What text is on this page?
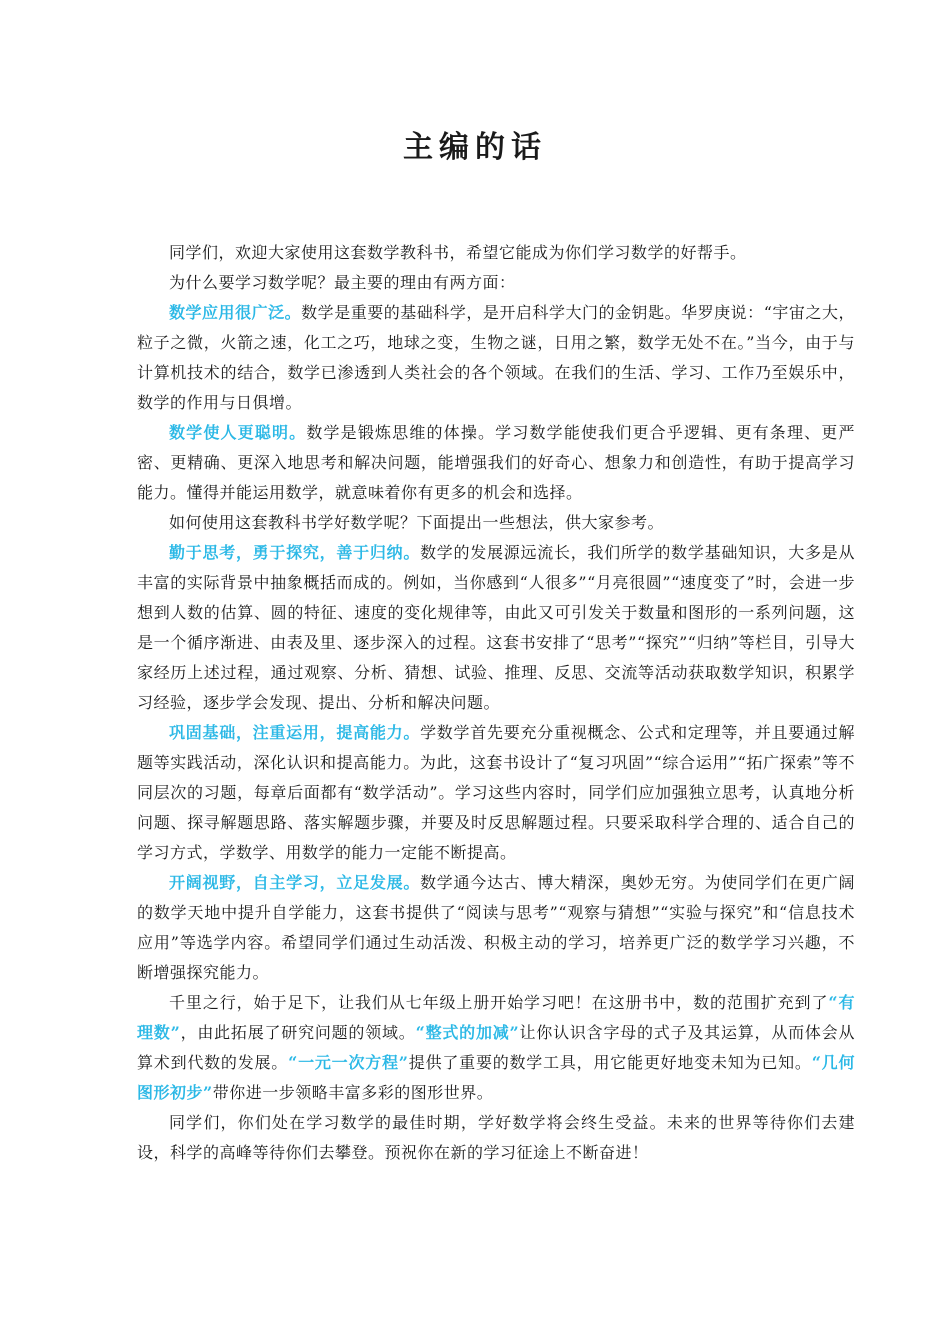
主编的话

同学们，欢迎大家使用这套数学教科书，希望它能成为你们学习数学的好帮手。

为什么要学习数学呢？最主要的理由有两方面：

数学应用很广泛。数学是重要的基础科学，是开启科学大门的金钥匙。华罗庚说：“宇宙之大，粒子之微，火箭之速，化工之巧，地球之变，生物之谜，日用之繁，数学无处不在。”当今，由于与计算机技术的结合，数学已渗透到人类社会的各个领域。在我们的生活、学习、工作乃至娱乐中，数学的作用与日俱增。

数学使人更聪明。数学是锻炼思维的体操。学习数学能使我们更合乎逻辑、更有条理、更严密、更精确、更深入地思考和解决问题，能增强我们的好奇心、想象力和创造性，有助于提高学习能力。懂得并能运用数学，就意味着你有更多的机会和选择。

如何使用这套教科书学好数学呢？下面提出一些想法，供大家参考。

勤于思考，勇于探究，善于归纳。数学的发展源远流长，我们所学的数学基础知识，大多是从丰富的实际背景中抽象概括而成的。例如，当你感到“人很多”“月亮很圆”“速度变了”时，会进一步想到人数的估算、圆的特征、速度的变化规律等，由此又可引发关于数量和图形的一系列问题，这是一个循序渐进、由表及里、逐步深入的过程。这套书安排了“思考”“探究”“归纳”等栏目，引导大家经历上述过程，通过观察、分析、猜想、试验、推理、反思、交流等活动获取数学知识，积累学习经验，逐步学会发现、提出、分析和解决问题。

巩固基础，注重运用，提高能力。学数学首先要充分重视概念、公式和定理等，并且要通过解题等实践活动，深化认识和提高能力。为此，这套书设计了“复习巩固”“综合运用”“拓广探索”等不同层次的习题，每章后面都有“数学活动”。学习这些内容时，同学们应加强独立思考，认真地分析问题、探寻解题思路、落实解题步骤，并要及时反思解题过程。只要采取科学合理的、适合自己的学习方式，学数学、用数学的能力一定能不断提高。

开阔视野，自主学习，立足发展。数学通今达古、博大精深，奥妙无穷。为使同学们在更广阔的数学天地中提升自学能力，这套书提供了“阅读与思考”“观察与猜想”“实验与探究”和“信息技术应用”等选学内容。希望同学们通过生动活泼、积极主动的学习，培养更广泛的数学学习兴趣，不断增强探究能力。

千里之行，始于足下，让我们从七年级上册开始学习吧！在这册书中，数的范围扩充到了“有理数”，由此拓展了研究问题的领域。“整式的加减”让你认识含字母的式子及其运算，从而体会从算术到代数的发展。“一元一次方程”提供了重要的数学工具，用它能更好地变未知为已知。“几何图形初步”带你进一步领略丰富多彩的图形世界。

同学们，你们处在学习数学的最佳时期，学好数学将会终生受益。未来的世界等待你们去建设，科学的高峰等待你们去攀登。预祝你在新的学习征途上不断奋进！
